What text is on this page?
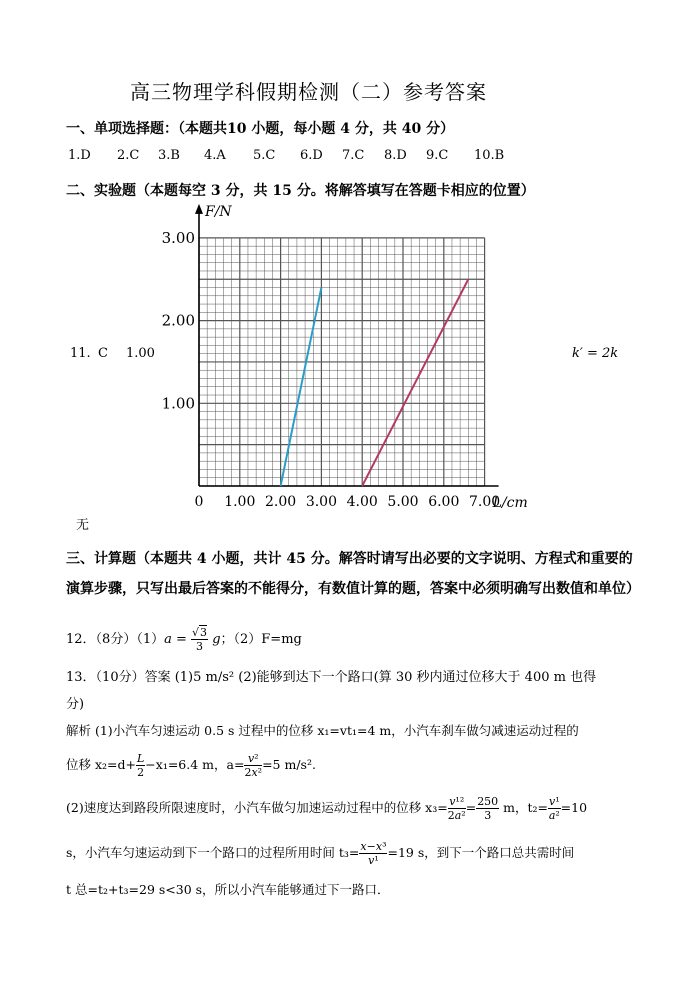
高三物理学科假期检测（二）参考答案
一、单项选择题：（本题共10 小题，每小题 4 分，共 40 分）
1.D 2.C 3.B 4.A 5.C 6.D 7.C 8.D 9.C 10.B
二、实验题（本题每空 3 分，共 15 分。将解答填写在答题卡相应的位置）
11. C 1.00	k′ = 2k
无
0 1.00 2.00 3.00 4.00 5.00 6.00 7.00
1.00
2.00
3.00
L/cm
F/N
三、计算题（本题共 4 小题，共计 45 分。解答时请写出必要的文字说明、方程式和重要的
演算步骤，只写出最后答案的不能得分，有数值计算的题，答案中必须明确写出数值和单位）
12．（8分）$(1)a = \frac{√3}{3}$ g；（2）F=mg
13．（10分）答案 (1)5 m/s² (2)能够到达下一个路口(算 30 秒内通过位移大于 400 m 也得
分)
解析 (1)小汽车匀速运动 0.5 s 过程中的位移 x₁=vt₁=4 m，小汽车刹车做匀减速运动过程的
位移 $x_2=d+ \frac{L}{2} -x_1=6.4$ m，$a= \frac{\text{v²}}{\text{2x²}} =5$ m/s².
(2)速度达到路段所限速度时，小汽车做匀加速运动过程中的位移 $x_3= \frac{\text{v¹²}}{\text{2a²}} = \frac{250}{3}$ m，$t_2= \frac{\text{v¹}}{\text{a²}} =10$
s，小汽车匀速运动到下一个路口的过程所用时间 $t_3= \frac{\text{x−x³}}{\text{v¹}} =19$ s，到下一个路口总共需时间
t 总=t₂+t₃=29 s<30 s，所以小汽车能够通过下一路口．
